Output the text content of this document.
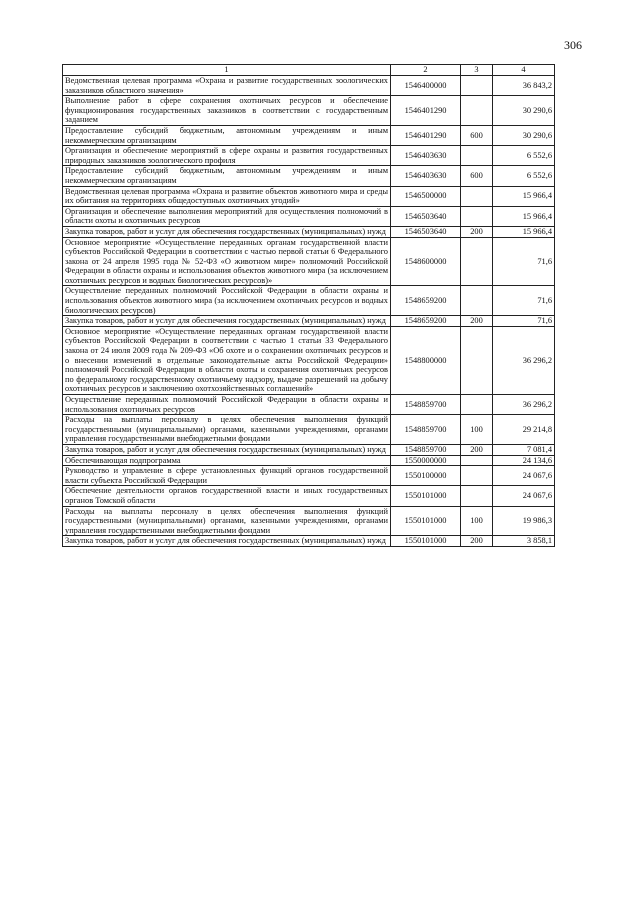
306
1	2	3	4
Ведомственная целевая программа «Охрана и развитие государственных зоологических заказников областного значения»	1546400000		36 843,2
Выполнение работ в сфере сохранения охотничьих ресурсов и обеспечение функционирования государственных заказников в соответствии с государственным заданием	1546401290		30 290,6
Предоставление субсидий бюджетным, автономным учреждениям и иным некоммерческим организациям	1546401290	600	30 290,6
Организация и обеспечение мероприятий в сфере охраны и развития государственных природных заказников зоологического профиля	1546403630		6 552,6
Предоставление субсидий бюджетным, автономным учреждениям и иным некоммерческим организациям	1546403630	600	6 552,6
Ведомственная целевая программа «Охрана и развитие объектов животного мира и среды их обитания на территориях общедоступных охотничьих угодий»	1546500000		15 966,4
Организация и обеспечение выполнения мероприятий для осуществления полномочий в области охоты и охотничьих ресурсов	1546503640		15 966,4
Закупка товаров, работ и услуг для обеспечения государственных (муниципальных) нужд	1546503640	200	15 966,4
Основное мероприятие «Осуществление переданных органам государственной власти субъектов Российской Федерации в соответствии с частью первой статьи 6 Федерального закона от 24 апреля 1995 года № 52-ФЗ «О животном мире» полномочий Российской Федерации в области охраны и использования объектов животного мира (за исключением охотничьих ресурсов и водных биологических ресурсов)»	1548600000		71,6
Осуществление переданных полномочий Российской Федерации в области охраны и использования объектов животного мира (за исключением охотничьих ресурсов и водных биологических ресурсов)	1548659200		71,6
Закупка товаров, работ и услуг для обеспечения государственных (муниципальных) нужд	1548659200	200	71,6
Основное мероприятие «Осуществление переданных органам государственной власти субъектов Российской Федерации в соответствии с частью 1 статьи 33 Федерального закона от 24 июля 2009 года № 209-ФЗ «Об охоте и о сохранении охотничьих ресурсов и о внесении изменений в отдельные законодательные акты Российской Федерации» полномочий Российской Федерации в области охоты и сохранения охотничьих ресурсов по федеральному государственному охотничьему надзору, выдаче разрешений на добычу охотничьих ресурсов и заключению охотхозяйственных соглашений»	1548800000		36 296,2
Осуществление переданных полномочий Российской Федерации в области охраны и использования охотничьих ресурсов	1548859700		36 296,2
Расходы на выплаты персоналу в целях обеспечения выполнения функций государственными (муниципальными) органами, казенными учреждениями, органами управления государственными внебюджетными фондами	1548859700	100	29 214,8
Закупка товаров, работ и услуг для обеспечения государственных (муниципальных) нужд	1548859700	200	7 081,4
Обеспечивающая подпрограмма	1550000000		24 134,6
Руководство и управление в сфере установленных функций органов государственной власти субъекта Российской Федерации	1550100000		24 067,6
Обеспечение деятельности органов государственной власти и иных государственных органов Томской области	1550101000		24 067,6
Расходы на выплаты персоналу в целях обеспечения выполнения функций государственными (муниципальными) органами, казенными учреждениями, органами управления государственными внебюджетными фондами	1550101000	100	19 986,3
Закупка товаров, работ и услуг для обеспечения государственных (муниципальных) нужд	1550101000	200	3 858,1
